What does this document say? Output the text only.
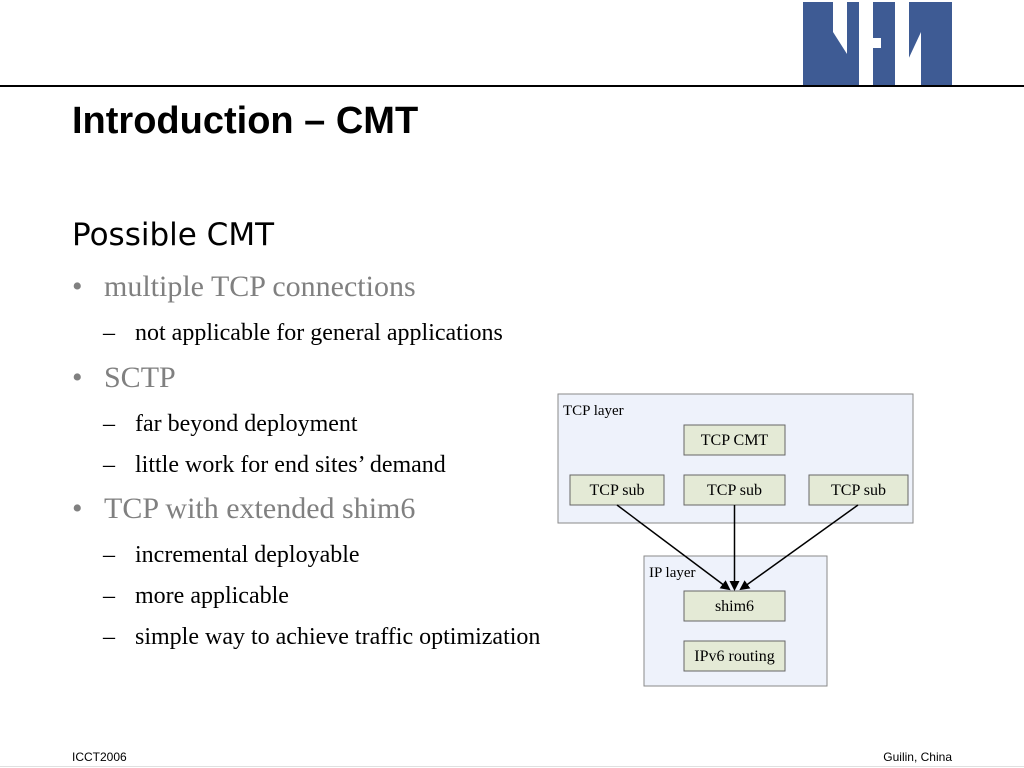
Introduction – CMT
Possible CMT
• multiple TCP connections
– not applicable for general applications
• SCTP
– far beyond deployment
– little work for end sites’ demand
• TCP with extended shim6
– incremental deployable
– more applicable
– simple way to achieve traffic optimization
TCP layer
TCP CMT
TCP sub	TCP sub	TCP sub
IP layer
shim6
IPv6 routing
ICCT2006	Guilin, China
